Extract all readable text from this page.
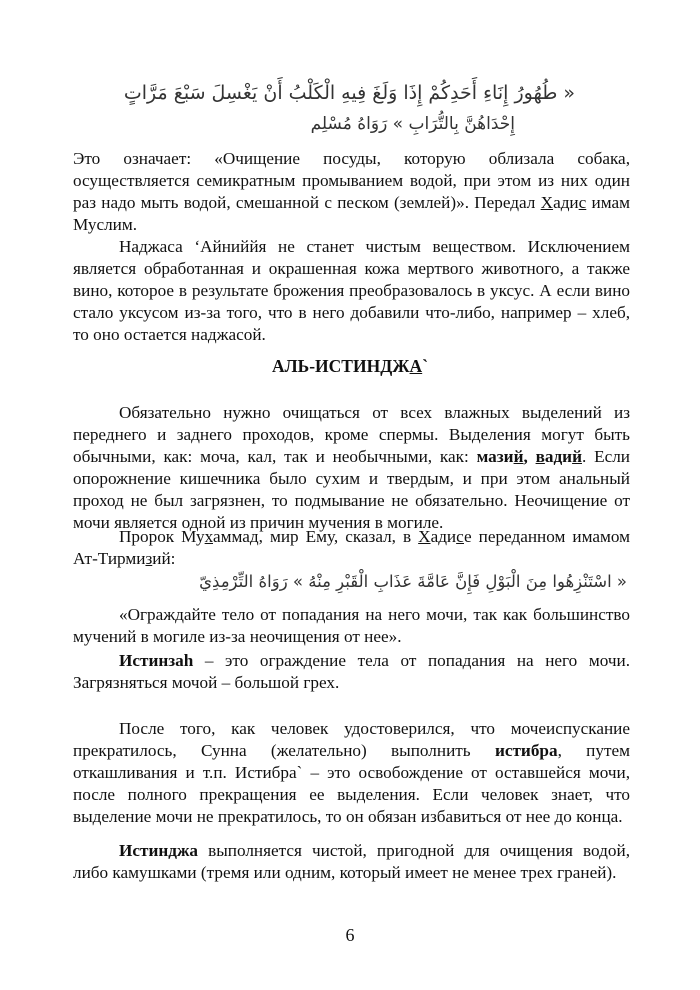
« طُهُورُ إِنَاءِ أَحَدِكُمْ إِذَا وَلَغَ فِيهِ الْكَلْبُ أَنْ يَغْسِلَ سَبْعَ مَرَّاتٍ
إِحْدَاهُنَّ بِالتُّرَابِ » رَوَاهُ مُسْلِم
Это означает: «Очищение посуды, которую облизала собака, осуществляется семикратным промыванием водой, при этом из них один раз надо мыть водой, смешанной с песком (землей)». Передал Хадис имам Муслим.
Наджаса ‘Айниййя не станет чистым веществом. Исключением является обработанная и окрашенная кожа мертвого животного, а также вино, которое в результате брожения преобразовалось в уксус. А если вино стало уксусом из-за того, что в него добавили что-либо, например – хлеб, то оно остается наджасой.
АЛЬ-ИСТИНДЖА`
Обязательно нужно очищаться от всех влажных выделений из переднего и заднего проходов, кроме спермы. Выделения могут быть обычными, как: моча, кал, так и необычными, как: мазий, вадий. Если опорожнение кишечника было сухим и твердым, и при этом анальный проход не был загрязнен, то подмывание не обязательно. Неочищение от мочи является одной из причин мучения в могиле.
Пророк Мухаммад, мир Ему, сказал, в Хадисе переданном имамом Ат-Тирмизий:
« اسْتَنْزِهُوا مِنَ الْبَوْلِ فَإِنَّ عَامَّةَ عَذَابِ الْقَبْرِ مِنْهُ » رَوَاهُ التِّرْمِذِيّ
«Ограждайте тело от попадания на него мочи, так как большинство мучений в могиле из-за неочищения от нее».
Истинзаh – это ограждение тела от попадания на него мочи. Загрязняться мочой – большой грех.
После того, как человек удостоверился, что мочеиспускание прекратилось, Сунна (желательно) выполнить истибра, путем откашливания и т.п. Истибра` – это освобождение от оставшейся мочи, после полного прекращения ее выделения. Если человек знает, что выделение мочи не прекратилось, то он обязан избавиться от нее до конца.
Истинджа выполняется чистой, пригодной для очищения водой, либо камушками (тремя или одним, который имеет не менее трех граней).
6
